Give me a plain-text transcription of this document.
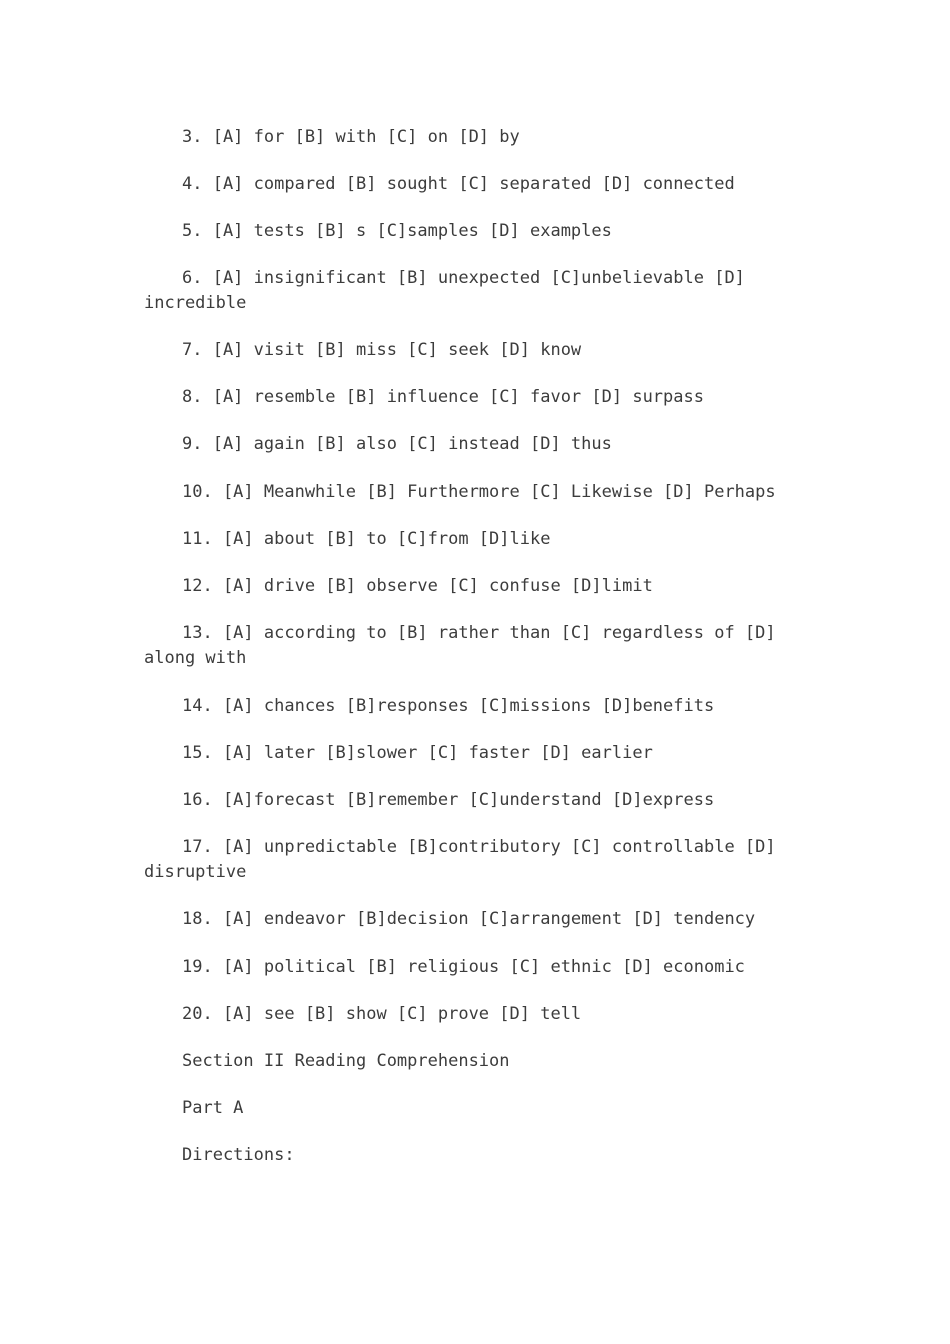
3. [A] for [B] with [C] on [D] by

4. [A] compared [B] sought [C] separated [D] connected

5. [A] tests [B] s [C]samples [D] examples

6. [A] insignificant [B] unexpected [C]unbelievable [D] incredible

7. [A] visit [B] miss [C] seek [D] know

8. [A] resemble [B] influence [C] favor [D] surpass

9. [A] again [B] also [C] instead [D] thus

10. [A] Meanwhile [B] Furthermore [C] Likewise [D] Perhaps

11. [A] about [B] to [C]from [D]like

12. [A] drive [B] observe [C] confuse [D]limit

13. [A] according to [B] rather than [C] regardless of [D] along with

14. [A] chances [B]responses [C]missions [D]benefits

15. [A] later [B]slower [C] faster [D] earlier

16. [A]forecast [B]remember [C]understand [D]express

17. [A] unpredictable [B]contributory [C] controllable [D] disruptive

18. [A] endeavor [B]decision [C]arrangement [D] tendency

19. [A] political [B] religious [C] ethnic [D] economic

20. [A] see [B] show [C] prove [D] tell

Section II Reading Comprehension

Part A

Directions:
